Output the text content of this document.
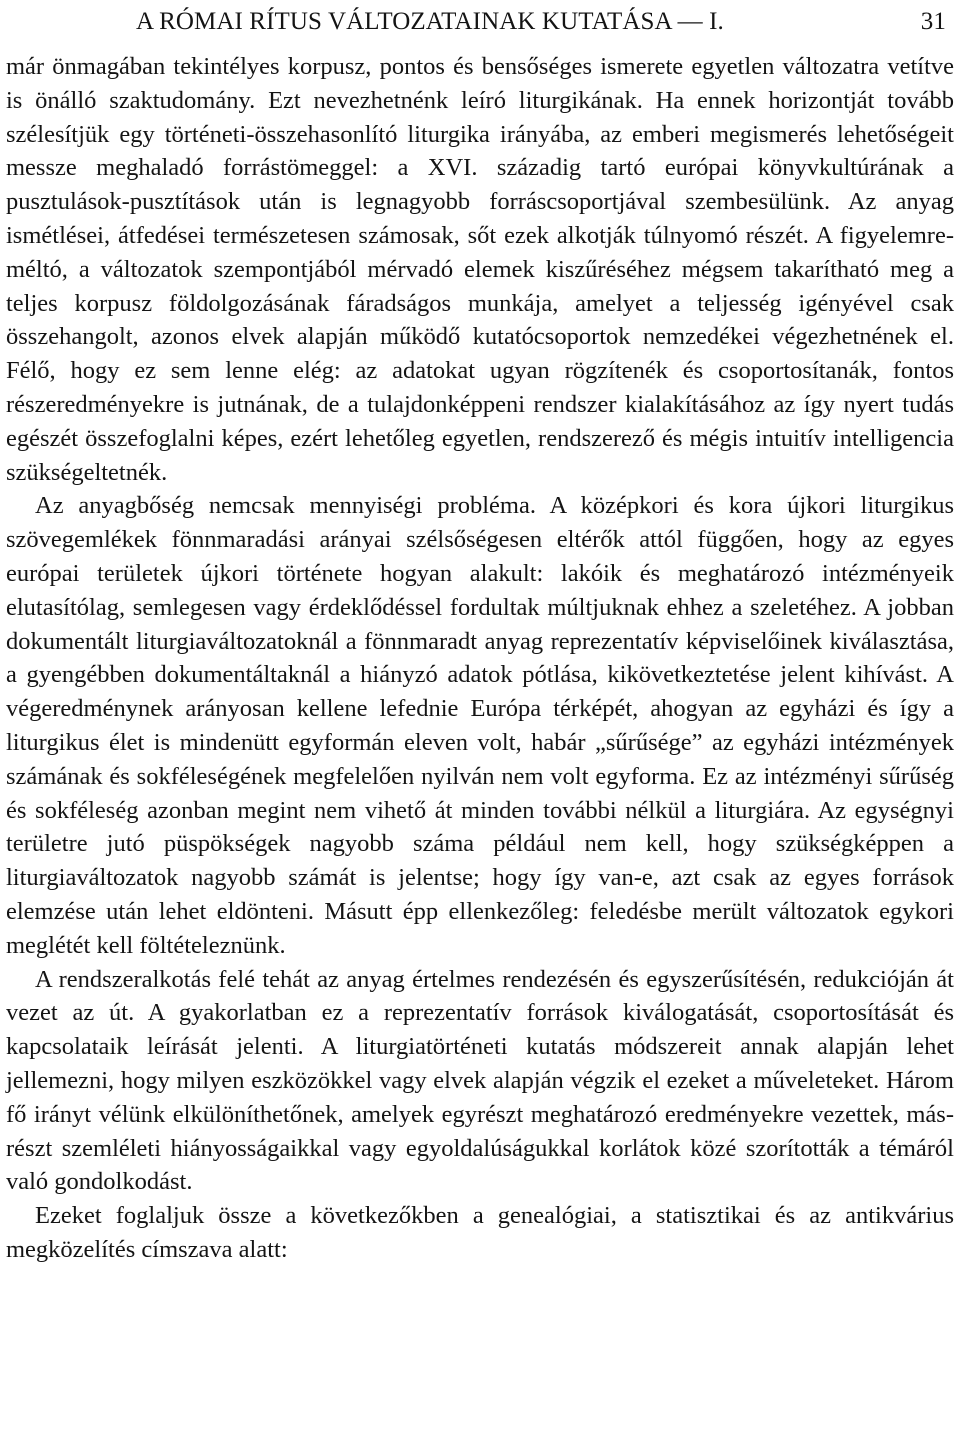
A RÓMAI RÍTUS VÁLTOZATAINAK KUTATÁSA — I.	31

már önmagában tekintélyes korpusz, pontos és bensőséges ismerete egyetlen változatra vetítve is önálló szaktudomány. Ezt nevezhetnénk leíró liturgikának. Ha ennek horizontját tovább szélesítjük egy történeti-összehasonlító liturgika irányába, az emberi megismerés lehetőségeit messze meghaladó forrástömeggel: a XVI. századig tartó európai könyvkultúrának a pusztulások-pusztítások után is legnagyobb forráscsoportjával szembesülünk. Az anyag ismétlései, átfedései természetesen számosak, sőt ezek alkotják túlnyomó részét. A figyelemreméltó, a változatok szempontjából mérvadó elemek kiszűréséhez mégsem takarítható meg a teljes korpusz földolgozásának fáradságos munkája, amelyet a teljesség igényével csak összehangolt, azonos elvek alapján működő kutatócsoportok nemzedékei végezhetnének el. Félő, hogy ez sem lenne elég: az adatokat ugyan rögzítenék és csoportosítanák, fontos részeredményekre is jutnának, de a tulajdonképpeni rendszer kialakításához az így nyert tudás egészét összefoglalni képes, ezért lehetőleg egyetlen, rendszerező és mégis intuitív intelligencia szükségeltetnék.

Az anyagbőség nemcsak mennyiségi probléma. A középkori és kora újkori liturgikus szövegemlékek fönnmaradási arányai szélsőségesen eltérők attól függően, hogy az egyes európai területek újkori története hogyan alakult: lakóik és meghatározó intézményeik elutasítólag, semlegesen vagy érdeklődéssel fordultak múltjuknak ehhez a szeletéhez. A jobban dokumentált liturgiaváltozatoknál a fönnmaradt anyag reprezentatív képviselőinek kiválasztása, a gyengébben dokumentáltaknál a hiányzó adatok pótlása, kikövetkeztetése jelent kihívást. A végeredménynek arányosan kellene lefednie Európa térképét, ahogyan az egyházi és így a liturgikus élet is mindenütt egyformán eleven volt, habár „sűrűsége” az egyházi intézmények számának és sokféleségének megfelelően nyilván nem volt egyforma. Ez az intézményi sűrűség és sokféleség azonban megint nem vihető át minden további nélkül a liturgiára. Az egységnyi területre jutó püspökségek nagyobb száma például nem kell, hogy szükségképpen a liturgiaváltozatok nagyobb számát is jelentse; hogy így van-e, azt csak az egyes források elemzése után lehet eldönteni. Másutt épp ellenkezőleg: feledésbe merült változatok egykori meglétét kell föltételeznünk.

A rendszeralkotás felé tehát az anyag értelmes rendezésén és egyszerűsítésén, redukcióján át vezet az út. A gyakorlatban ez a reprezentatív források kiválogatását, csoportosítását és kapcsolataik leírását jelenti. A liturgiatörténeti kutatás módszereit annak alapján lehet jellemezni, hogy milyen eszközökkel vagy elvek alapján végzik el ezeket a műveleteket. Három fő irányt vélünk elkülöníthetőnek, amelyek egyrészt meghatározó eredményekre vezettek, másrészt szemléleti hiányosságaikkal vagy egyoldalúságukkal korlátok közé szorították a témáról való gondolkodást.

Ezeket foglaljuk össze a következőkben a genealógiai, a statisztikai és az antikvárius megközelítés címszava alatt:
